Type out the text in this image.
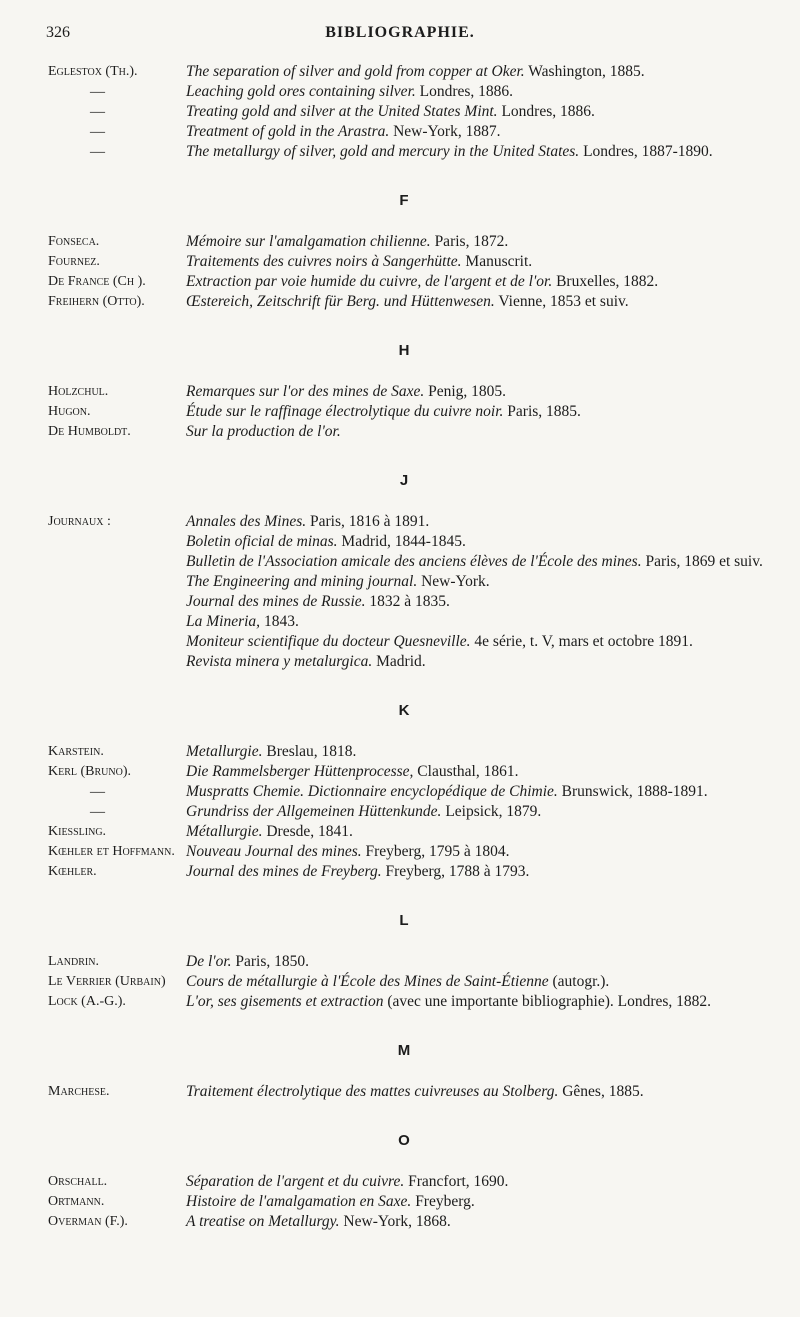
326	BIBLIOGRAPHIE.
Eglestox (Th.).	The separation of silver and gold from copper at Oker. Washington, 1885.
—	Leaching gold ores containing silver. Londres, 1886.
—	Treating gold and silver at the United States Mint. Londres, 1886.
—	Treatment of gold in the Arastra. New-York, 1887.
—	The metallurgy of silver, gold and mercury in the United States. Londres, 1887-1890.
F
Fonseca.	Mémoire sur l'amalgamation chilienne. Paris, 1872.
Fournez.	Traitements des cuivres noirs à Sangerhütte. Manuscrit.
De France (Ch ).	Extraction par voie humide du cuivre, de l'argent et de l'or. Bruxelles, 1882.
Freihern (Otto).	Œstereich, Zeitschrift für Berg. und Hüttenwesen. Vienne, 1853 et suiv.
H
Holzchul.	Remarques sur l'or des mines de Saxe. Penig, 1805.
Hugon.	Étude sur le raffinage électrolytique du cuivre noir. Paris, 1885.
De Humboldt.	Sur la production de l'or.
J
Journaux :	Annales des Mines. Paris, 1816 à 1891.
Boletin oficial de minas. Madrid, 1844-1845.
Bulletin de l'Association amicale des anciens élèves de l'École des mines. Paris, 1869 et suiv.
The Engineering and mining journal. New-York.
Journal des mines de Russie. 1832 à 1835.
La Mineria, 1843.
Moniteur scientifique du docteur Quesneville. 4e série, t. V, mars et octobre 1891.
Revista minera y metalurgica. Madrid.
K
Karstein.	Metallurgie. Breslau, 1818.
Kerl (Bruno).	Die Rammelsberger Hüttenprocesse, Clausthal, 1861.
—	Muspratts Chemie. Dictionnaire encyclopédique de Chimie. Brunswick, 1888-1891.
—	Grundriss der Allgemeinen Hüttenkunde. Leipsick, 1879.
Kiessling.	Métallurgie. Dresde, 1841.
Kœhler et Hoffmann. Nouveau Journal des mines. Freyberg, 1795 à 1804.
Kœhler.	Journal des mines de Freyberg. Freyberg, 1788 à 1793.
L
Landrin.	De l'or. Paris, 1850.
Le Verrier (Urbain) Cours de métallurgie à l'École des Mines de Saint-Étienne (autogr.).
Lock (A.-G.).	L'or, ses gisements et extraction (avec une importante bibliographie). Londres, 1882.
M
Marchese.	Traitement électrolytique des mattes cuivreuses au Stolberg. Gênes, 1885.
O
Orschall.	Séparation de l'argent et du cuivre. Francfort, 1690.
Ortmann.	Histoire de l'amalgamation en Saxe. Freyberg.
Overman (F.).	A treatise on Metallurgy. New-York, 1868.
